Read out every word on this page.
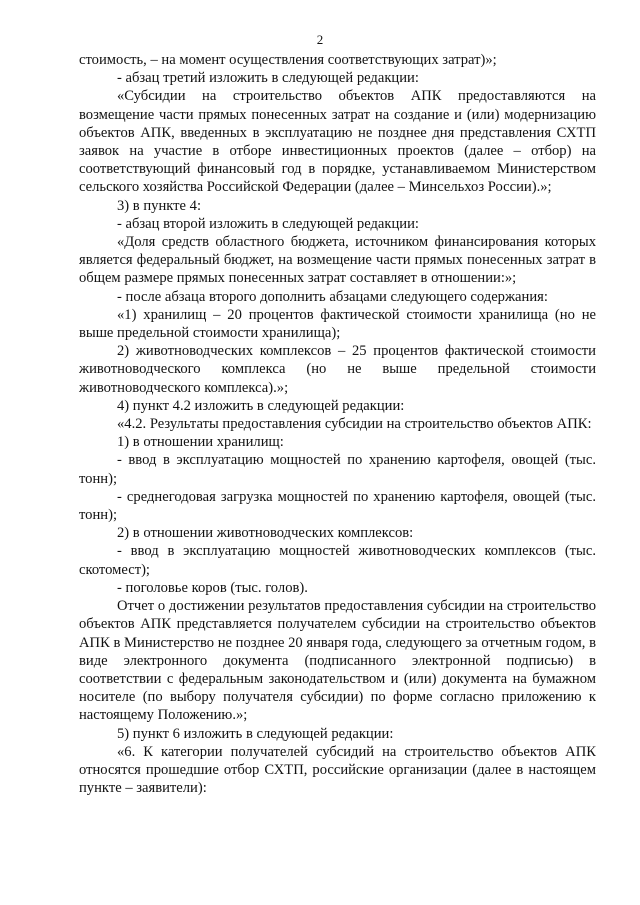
2

стоимость, – на момент осуществления соответствующих затрат)»;

- абзац третий изложить в следующей редакции:

«Субсидии на строительство объектов АПК предоставляются на возмещение части прямых понесенных затрат на создание и (или) модернизацию объектов АПК, введенных в эксплуатацию не позднее дня представления СХТП заявок на участие в отборе инвестиционных проектов (далее – отбор) на соответствующий финансовый год в порядке, устанавливаемом Министерством сельского хозяйства Российской Федерации (далее – Минсельхоз России).»;

3) в пункте 4:

- абзац второй изложить в следующей редакции:

«Доля средств областного бюджета, источником финансирования которых является федеральный бюджет, на возмещение части прямых понесенных затрат в общем размере прямых понесенных затрат составляет в отношении:»;

- после абзаца второго дополнить абзацами следующего содержания:

«1) хранилищ – 20 процентов фактической стоимости хранилища (но не выше предельной стоимости хранилища);

2) животноводческих комплексов – 25 процентов фактической стоимости животноводческого комплекса (но не выше предельной стоимости животноводческого комплекса).»;

4) пункт 4.2 изложить в следующей редакции:

«4.2. Результаты предоставления субсидии на строительство объектов АПК:

1) в отношении хранилищ:

- ввод в эксплуатацию мощностей по хранению картофеля, овощей (тыс. тонн);

- среднегодовая загрузка мощностей по хранению картофеля, овощей (тыс. тонн);

2) в отношении животноводческих комплексов:

- ввод в эксплуатацию мощностей животноводческих комплексов (тыс. скотомест);

- поголовье коров (тыс. голов).

Отчет о достижении результатов предоставления субсидии на строительство объектов АПК представляется получателем субсидии на строительство объектов АПК в Министерство не позднее 20 января года, следующего за отчетным годом, в виде электронного документа (подписанного электронной подписью) в соответствии с федеральным законодательством и (или) документа на бумажном носителе (по выбору получателя субсидии) по форме согласно приложению к настоящему Положению.»;

5) пункт 6 изложить в следующей редакции:

«6. К категории получателей субсидий на строительство объектов АПК относятся прошедшие отбор СХТП, российские организации (далее в настоящем пункте – заявители):
